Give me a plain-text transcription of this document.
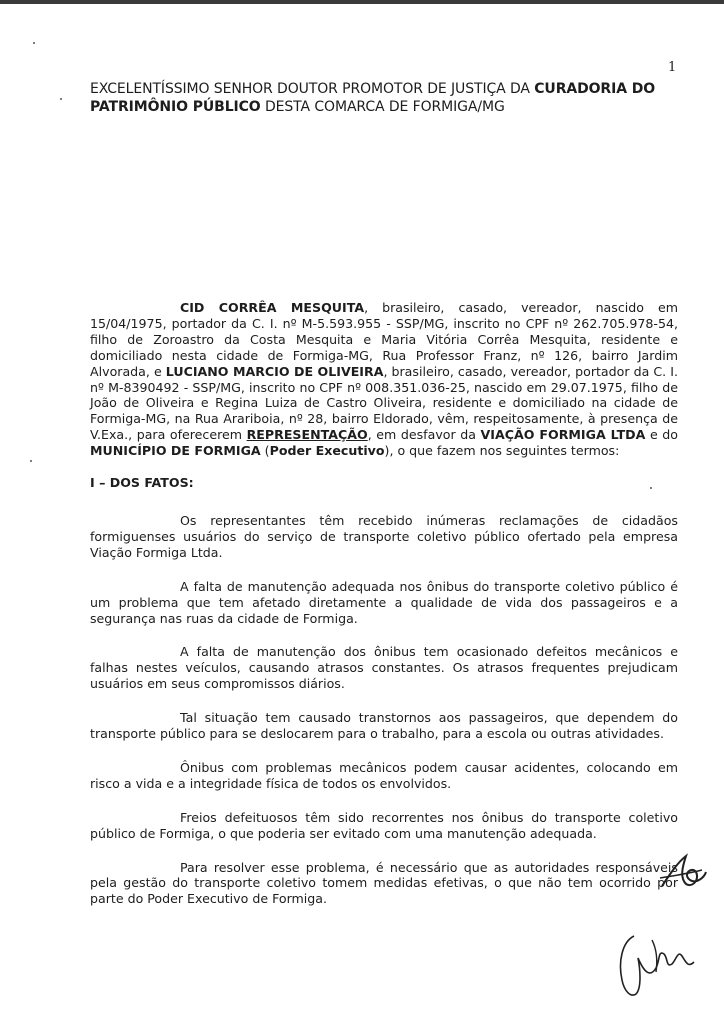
1
EXCELENTÍSSIMO SENHOR DOUTOR PROMOTOR DE JUSTIÇA DA CURADORIA DO PATRIMÔNIO PÚBLICO DESTA COMARCA DE FORMIGA/MG

CID CORRÊA MESQUITA, brasileiro, casado, vereador, nascido em 15/04/1975, portador da C. I. nº M-5.593.955 - SSP/MG, inscrito no CPF nº 262.705.978-54, filho de Zoroastro da Costa Mesquita e Maria Vitória Corrêa Mesquita, residente e domiciliado nesta cidade de Formiga-MG, Rua Professor Franz, nº 126, bairro Jardim Alvorada, e LUCIANO MARCIO DE OLIVEIRA, brasileiro, casado, vereador, portador da C. I. nº M-8390492 - SSP/MG, inscrito no CPF nº 008.351.036-25, nascido em 29.07.1975, filho de João de Oliveira e Regina Luiza de Castro Oliveira, residente e domiciliado na cidade de Formiga-MG, na Rua Arariboia, nº 28, bairro Eldorado, vêm, respeitosamente, à presença de V.Exa., para oferecerem REPRESENTAÇÃO, em desfavor da VIAÇÃO FORMIGA LTDA e do MUNICÍPIO DE FORMIGA (Poder Executivo), o que fazem nos seguintes termos:

I – DOS FATOS:

Os representantes têm recebido inúmeras reclamações de cidadãos formiguenses usuários do serviço de transporte coletivo público ofertado pela empresa Viação Formiga Ltda.

A falta de manutenção adequada nos ônibus do transporte coletivo público é um problema que tem afetado diretamente a qualidade de vida dos passageiros e a segurança nas ruas da cidade de Formiga.

A falta de manutenção dos ônibus tem ocasionado defeitos mecânicos e falhas nestes veículos, causando atrasos constantes. Os atrasos frequentes prejudicam usuários em seus compromissos diários.

Tal situação tem causado transtornos aos passageiros, que dependem do transporte público para se deslocarem para o trabalho, para a escola ou outras atividades.

Ônibus com problemas mecânicos podem causar acidentes, colocando em risco a vida e a integridade física de todos os envolvidos.

Freios defeituosos têm sido recorrentes nos ônibus do transporte coletivo público de Formiga, o que poderia ser evitado com uma manutenção adequada.

Para resolver esse problema, é necessário que as autoridades responsáveis pela gestão do transporte coletivo tomem medidas efetivas, o que não tem ocorrido por parte do Poder Executivo de Formiga.
